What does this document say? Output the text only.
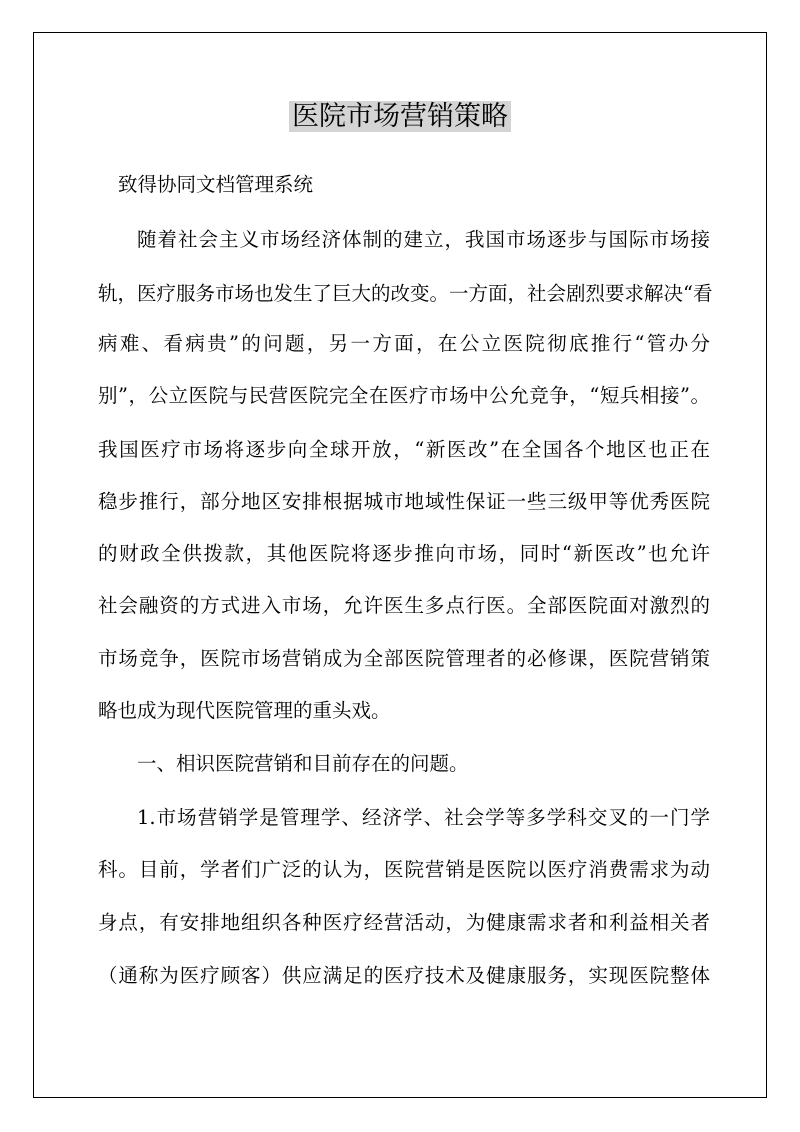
医院市场营销策略
致得协同文档管理系统
随着社会主义市场经济体制的建立，我国市场逐步与国际市场接
轨，医疗服务市场也发生了巨大的改变。一方面，社会剧烈要求解决“看
病难、看病贵”的问题，另一方面，在公立医院彻底推行“管办分
别”，公立医院与民营医院完全在医疗市场中公允竞争，“短兵相接”。
我国医疗市场将逐步向全球开放，“新医改”在全国各个地区也正在
稳步推行，部分地区安排根据城市地域性保证一些三级甲等优秀医院
的财政全供拨款，其他医院将逐步推向市场，同时“新医改”也允许
社会融资的方式进入市场，允许医生多点行医。全部医院面对激烈的
市场竞争，医院市场营销成为全部医院管理者的必修课，医院营销策
略也成为现代医院管理的重头戏。
一、相识医院营销和目前存在的问题。
1.市场营销学是管理学、经济学、社会学等多学科交叉的一门学
科。目前，学者们广泛的认为，医院营销是医院以医疗消费需求为动
身点，有安排地组织各种医疗经营活动，为健康需求者和利益相关者
（通称为医疗顾客）供应满足的医疗技术及健康服务，实现医院整体
